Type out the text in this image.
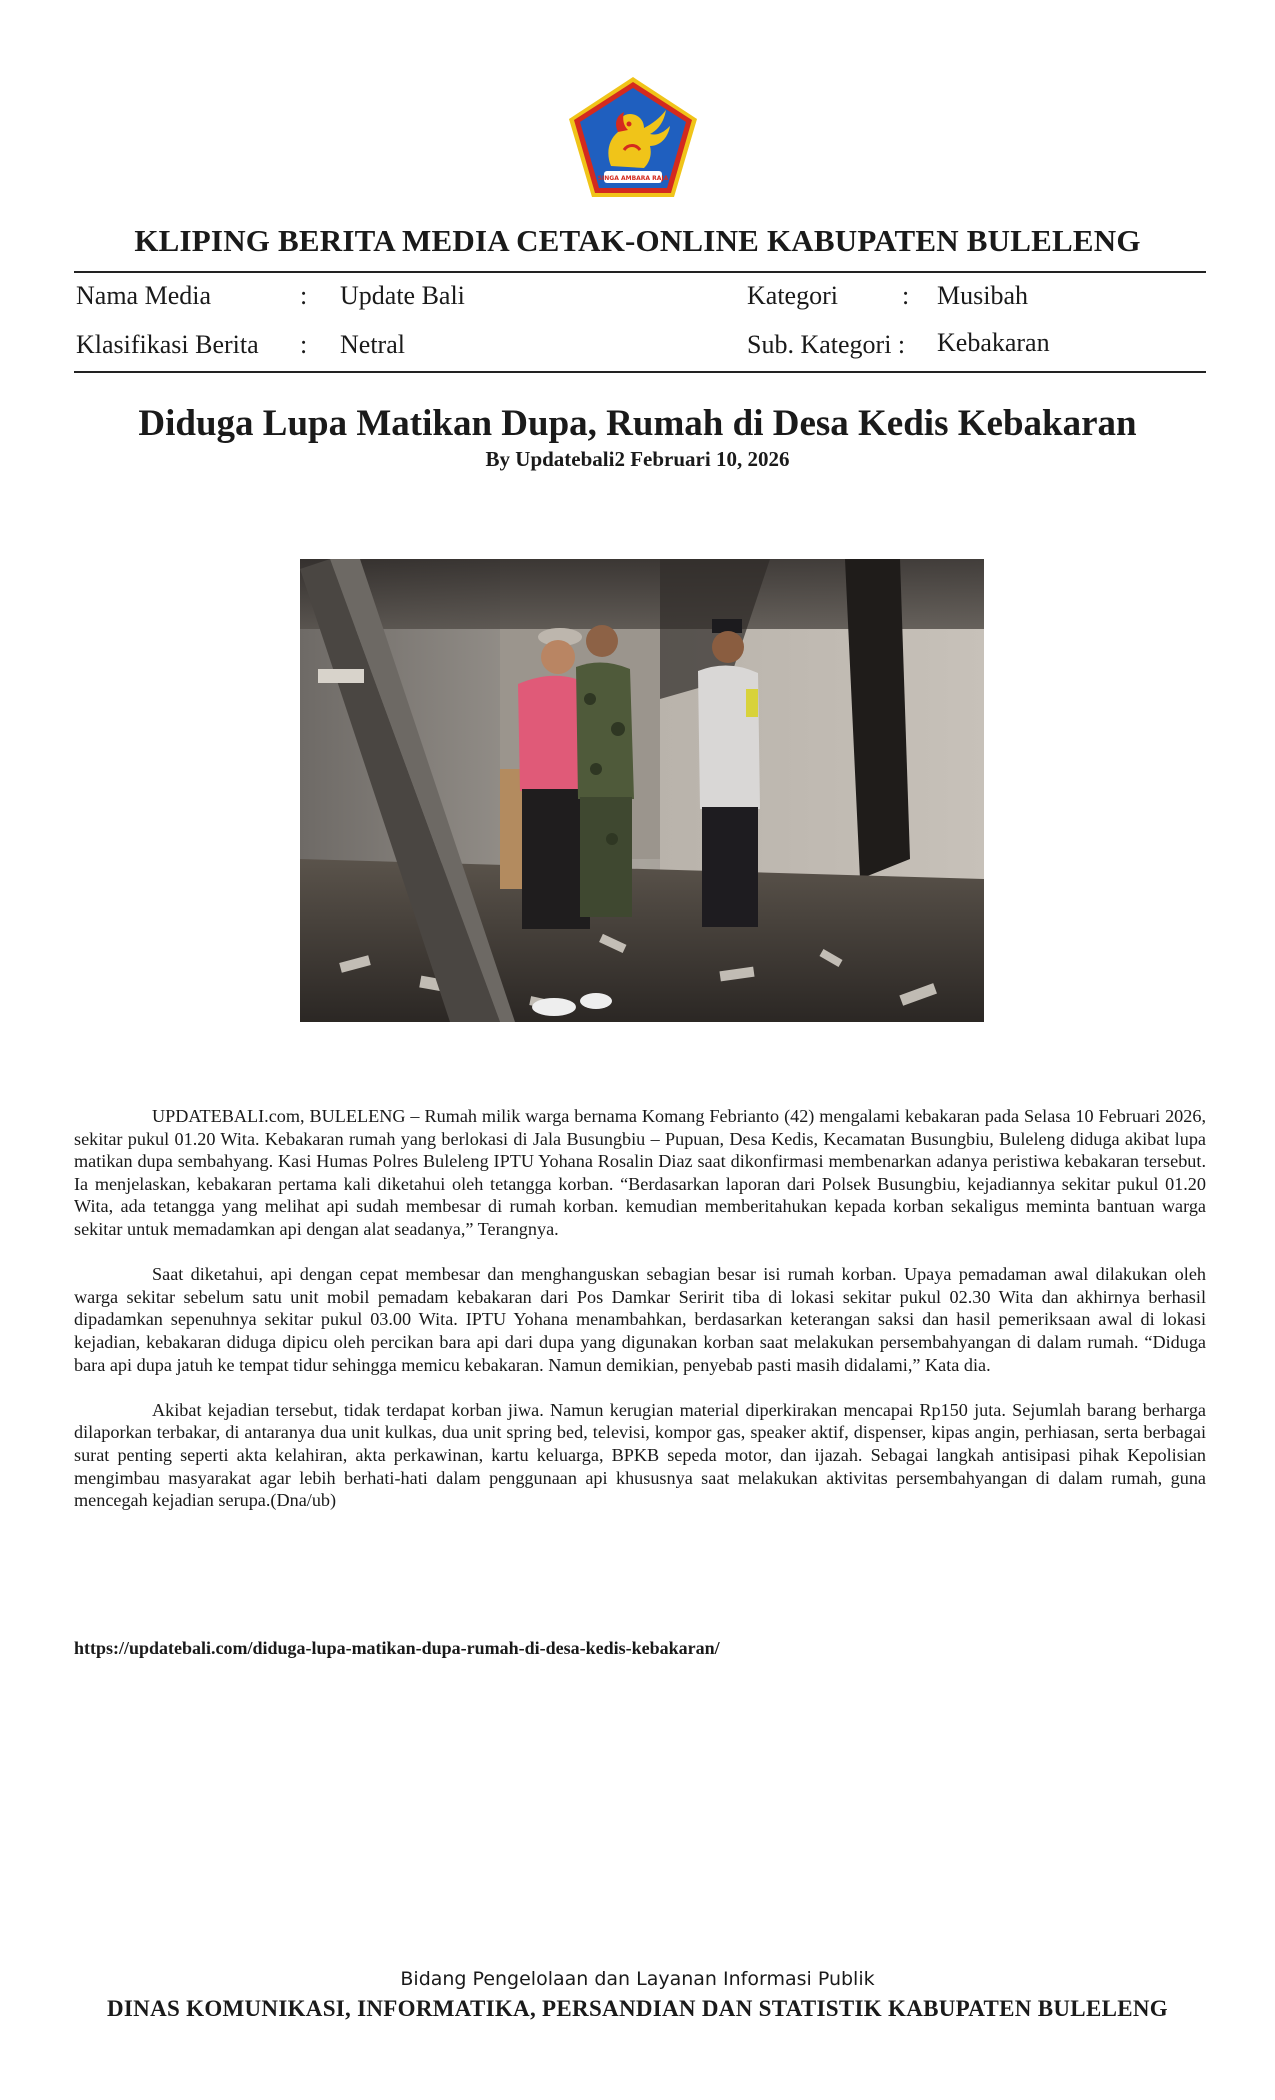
SINGA AMBARA RAJA
KLIPING BERITA MEDIA CETAK-ONLINE KABUPATEN BULELENG
Nama Media	: Update Bali
Klasifikasi Berita : Netral
Kategori : Musibah
Sub. Kategori : Kebakaran
Diduga Lupa Matikan Dupa, Rumah di Desa Kedis Kebakaran
By Updatebali2 Februari 10, 2026

UPDATEBALI.com, BULELENG – Rumah milik warga bernama Komang Febrianto (42) mengalami kebakaran pada Selasa 10 Februari 2026, sekitar pukul 01.20 Wita. Kebakaran rumah yang berlokasi di Jala Busungbiu – Pupuan, Desa Kedis, Kecamatan Busungbiu, Buleleng diduga akibat lupa matikan dupa sembahyang. Kasi Humas Polres Buleleng IPTU Yohana Rosalin Diaz saat dikonfirmasi membenarkan adanya peristiwa kebakaran tersebut. Ia menjelaskan, kebakaran pertama kali diketahui oleh tetangga korban. “Berdasarkan laporan dari Polsek Busungbiu, kejadiannya sekitar pukul 01.20 Wita, ada tetangga yang melihat api sudah membesar di rumah korban. kemudian memberitahukan kepada korban sekaligus meminta bantuan warga sekitar untuk memadamkan api dengan alat seadanya,” Terangnya.

Saat diketahui, api dengan cepat membesar dan menghanguskan sebagian besar isi rumah korban. Upaya pemadaman awal dilakukan oleh warga sekitar sebelum satu unit mobil pemadam kebakaran dari Pos Damkar Seririt tiba di lokasi sekitar pukul 02.30 Wita dan akhirnya berhasil dipadamkan sepenuhnya sekitar pukul 03.00 Wita. IPTU Yohana menambahkan, berdasarkan keterangan saksi dan hasil pemeriksaan awal di lokasi kejadian, kebakaran diduga dipicu oleh percikan bara api dari dupa yang digunakan korban saat melakukan persembahyangan di dalam rumah. “Diduga bara api dupa jatuh ke tempat tidur sehingga memicu kebakaran. Namun demikian, penyebab pasti masih didalami,” Kata dia.

Akibat kejadian tersebut, tidak terdapat korban jiwa. Namun kerugian material diperkirakan mencapai Rp150 juta. Sejumlah barang berharga dilaporkan terbakar, di antaranya dua unit kulkas, dua unit spring bed, televisi, kompor gas, speaker aktif, dispenser, kipas angin, perhiasan, serta berbagai surat penting seperti akta kelahiran, akta perkawinan, kartu keluarga, BPKB sepeda motor, dan ijazah. Sebagai langkah antisipasi pihak Kepolisian mengimbau masyarakat agar lebih berhati-hati dalam penggunaan api khususnya saat melakukan aktivitas persembahyangan di dalam rumah, guna mencegah kejadian serupa.(Dna/ub)

https://updatebali.com/diduga-lupa-matikan-dupa-rumah-di-desa-kedis-kebakaran/
Bidang Pengelolaan dan Layanan Informasi Publik
DINAS KOMUNIKASI, INFORMATIKA, PERSANDIAN DAN STATISTIK KABUPATEN BULELENG
